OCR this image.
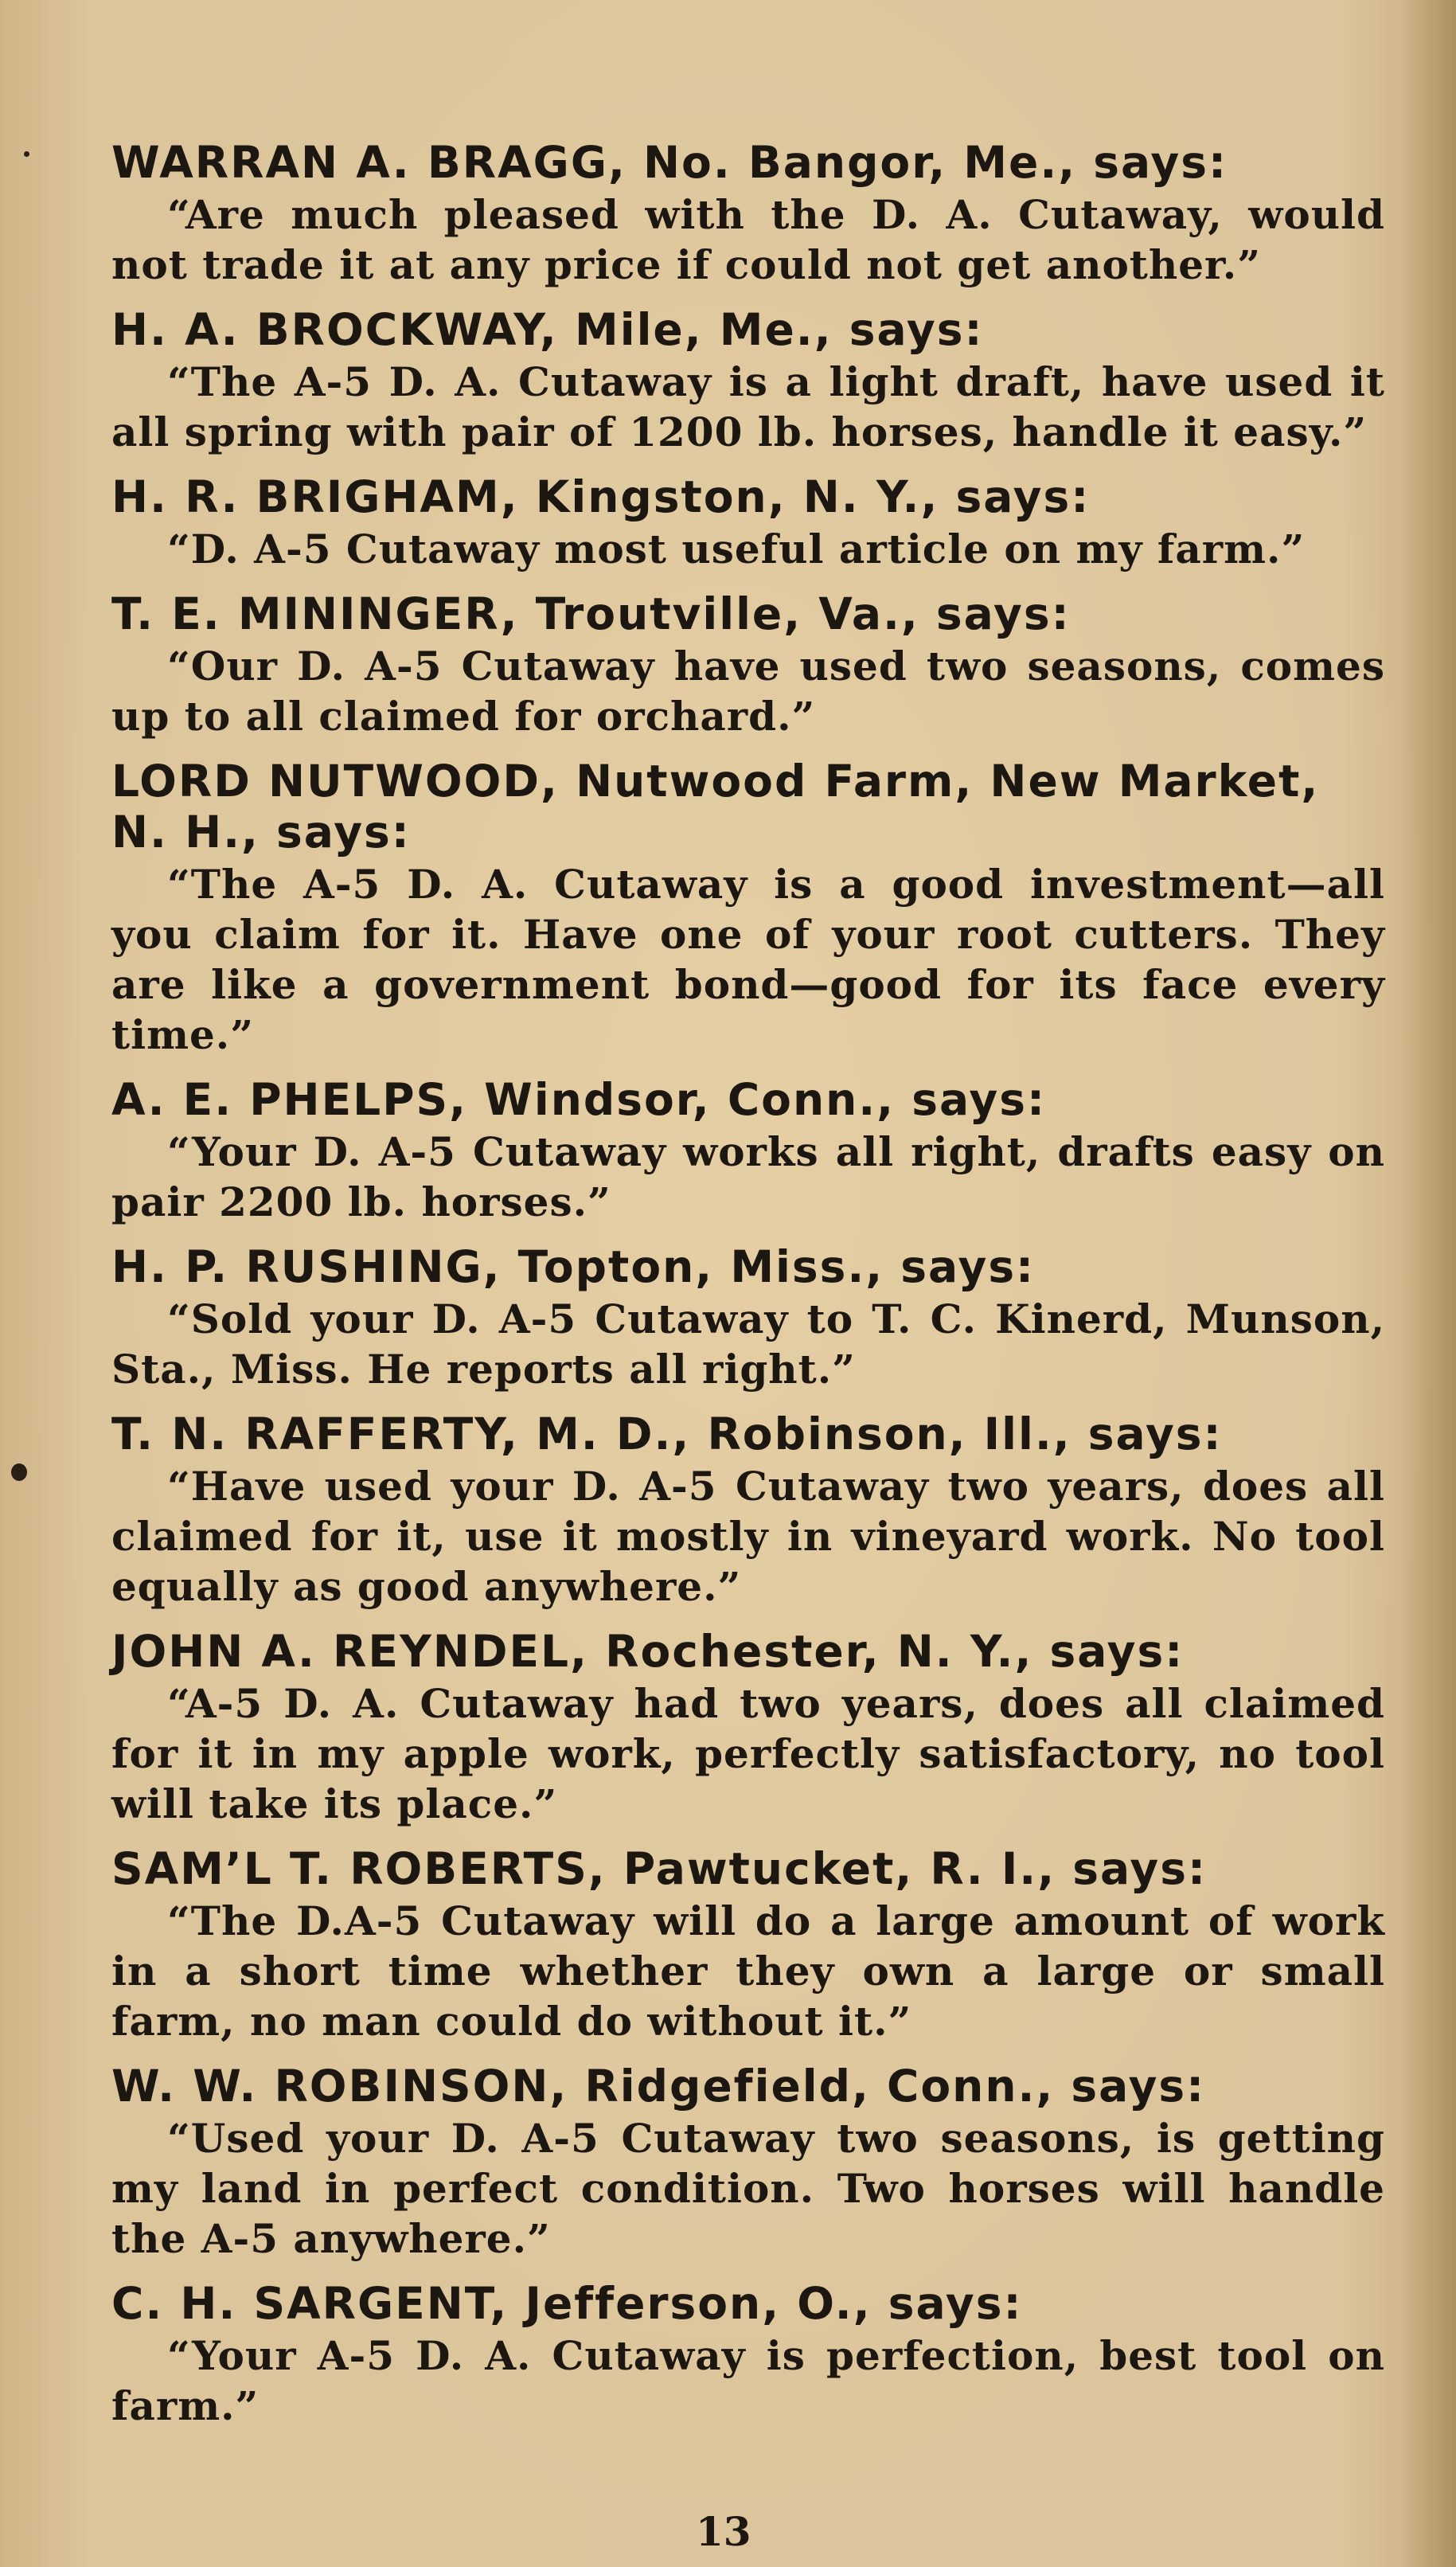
WARRAN A. BRAGG, No. Bangor, Me., says:

“Are much pleased with the D. A. Cutaway, would not trade it at any price if could not get another.”

H. A. BROCKWAY, Mile, Me., says:

“The A-5 D. A. Cutaway is a light draft, have used it all spring with pair of 1200 lb. horses, handle it easy.”

H. R. BRIGHAM, Kingston, N. Y., says:

“D. A-5 Cutaway most useful article on my farm.”

T. E. MININGER, Troutville, Va., says:

“Our D. A-5 Cutaway have used two seasons, comes up to all claimed for orchard.”

LORD NUTWOOD, Nutwood Farm, New Market, N. H., says:

“The A-5 D. A. Cutaway is a good investment—all you claim for it. Have one of your root cutters. They are like a government bond—good for its face every time.”

A. E. PHELPS, Windsor, Conn., says:

“Your D. A-5 Cutaway works all right, drafts easy on pair 2200 lb. horses.”

H. P. RUSHING, Topton, Miss., says:

“Sold your D. A-5 Cutaway to T. C. Kinerd, Munson, Sta., Miss. He reports all right.”

T. N. RAFFERTY, M. D., Robinson, Ill., says:

“Have used your D. A-5 Cutaway two years, does all claimed for it, use it mostly in vineyard work. No tool equally as good anywhere.”

JOHN A. REYNDEL, Rochester, N. Y., says:

“A-5 D. A. Cutaway had two years, does all claimed for it in my apple work, perfectly satisfactory, no tool will take its place.”

SAM’L T. ROBERTS, Pawtucket, R. I., says:

“The D.A-5 Cutaway will do a large amount of work in a short time whether they own a large or small farm, no man could do without it.”

W. W. ROBINSON, Ridgefield, Conn., says:

“Used your D. A-5 Cutaway two seasons, is getting my land in perfect condition. Two horses will handle the A-5 anywhere.”

C. H. SARGENT, Jefferson, O., says:

“Your A-5 D. A. Cutaway is perfection, best tool on farm.”

13
